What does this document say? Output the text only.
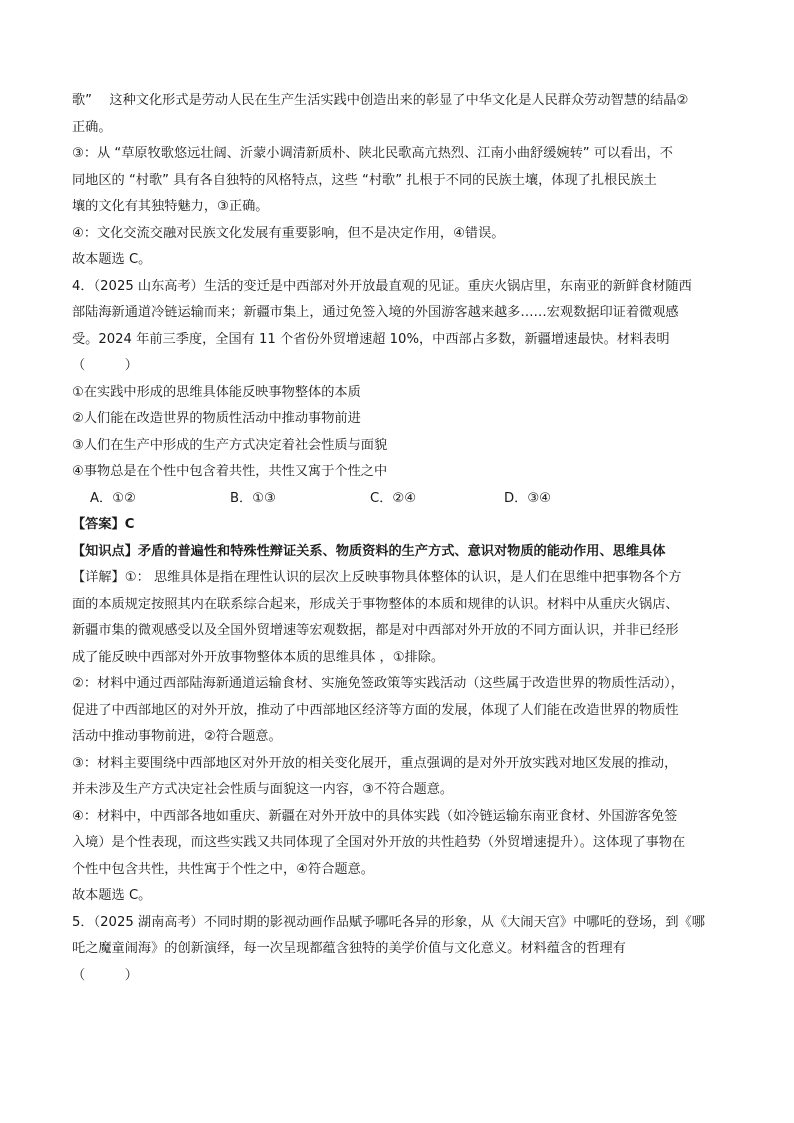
歌”　 这种文化形式是劳动人民在生产生活实践中创造出来的彰显了中华文化是人民群众劳动智慧的结晶②
正确。
③：从 “草原牧歌悠远壮阔、沂蒙小调清新质朴、陕北民歌高亢热烈、江南小曲舒缓婉转” 可以看出，不
同地区的 “村歌” 具有各自独特的风格特点，这些 “村歌” 扎根于不同的民族土壤，体现了扎根民族土
壤的文化有其独特魅力，③正确。
④：文化交流交融对民族文化发展有重要影响，但不是决定作用，④错误。
故本题选 C。
4．（2025 山东高考）生活的变迁是中西部对外开放最直观的见证。重庆火锅店里，东南亚的新鲜食材随西
部陆海新通道冷链运输而来；新疆市集上，通过免签入境的外国游客越来越多……宏观数据印证着微观感
受。2024 年前三季度，全国有 11 个省份外贸增速超 10%，中西部占多数，新疆增速最快。材料表明
（　　　）
①在实践中形成的思维具体能反映事物整体的本质
②人们能在改造世界的物质性活动中推动事物前进
③人们在生产中形成的生产方式决定着社会性质与面貌
④事物总是在个性中包含着共性，共性又寓于个性之中
A．①②	B．①③	C．②④	D．③④
【答案】C
【知识点】矛盾的普遍性和特殊性辩证关系、物质资料的生产方式、意识对物质的能动作用、思维具体
【详解】①： 思维具体是指在理性认识的层次上反映事物具体整体的认识，是人们在思维中把事物各个方
面的本质规定按照其内在联系综合起来，形成关于事物整体的本质和规律的认识。材料中从重庆火锅店、
新疆市集的微观感受以及全国外贸增速等宏观数据，都是对中西部对外开放的不同方面认识，并非已经形
成了能反映中西部对外开放事物整体本质的思维具体 ，①排除。
②：材料中通过西部陆海新通道运输食材、实施免签政策等实践活动（这些属于改造世界的物质性活动），
促进了中西部地区的对外开放，推动了中西部地区经济等方面的发展，体现了人们能在改造世界的物质性
活动中推动事物前进，②符合题意。
③：材料主要围绕中西部地区对外开放的相关变化展开，重点强调的是对外开放实践对地区发展的推动，
并未涉及生产方式决定社会性质与面貌这一内容，③不符合题意。
④：材料中，中西部各地如重庆、新疆在对外开放中的具体实践（如冷链运输东南亚食材、外国游客免签
入境）是个性表现，而这些实践又共同体现了全国对外开放的共性趋势（外贸增速提升）。这体现了事物在
个性中包含共性，共性寓于个性之中，④符合题意。
故本题选 C。
5．（2025 湖南高考）不同时期的影视动画作品赋予哪吒各异的形象，从《大闹天宫》中哪吒的登场，到《哪
吒之魔童闹海》的创新演绎，每一次呈现都蕴含独特的美学价值与文化意义。材料蕴含的哲理有
（　　　）
